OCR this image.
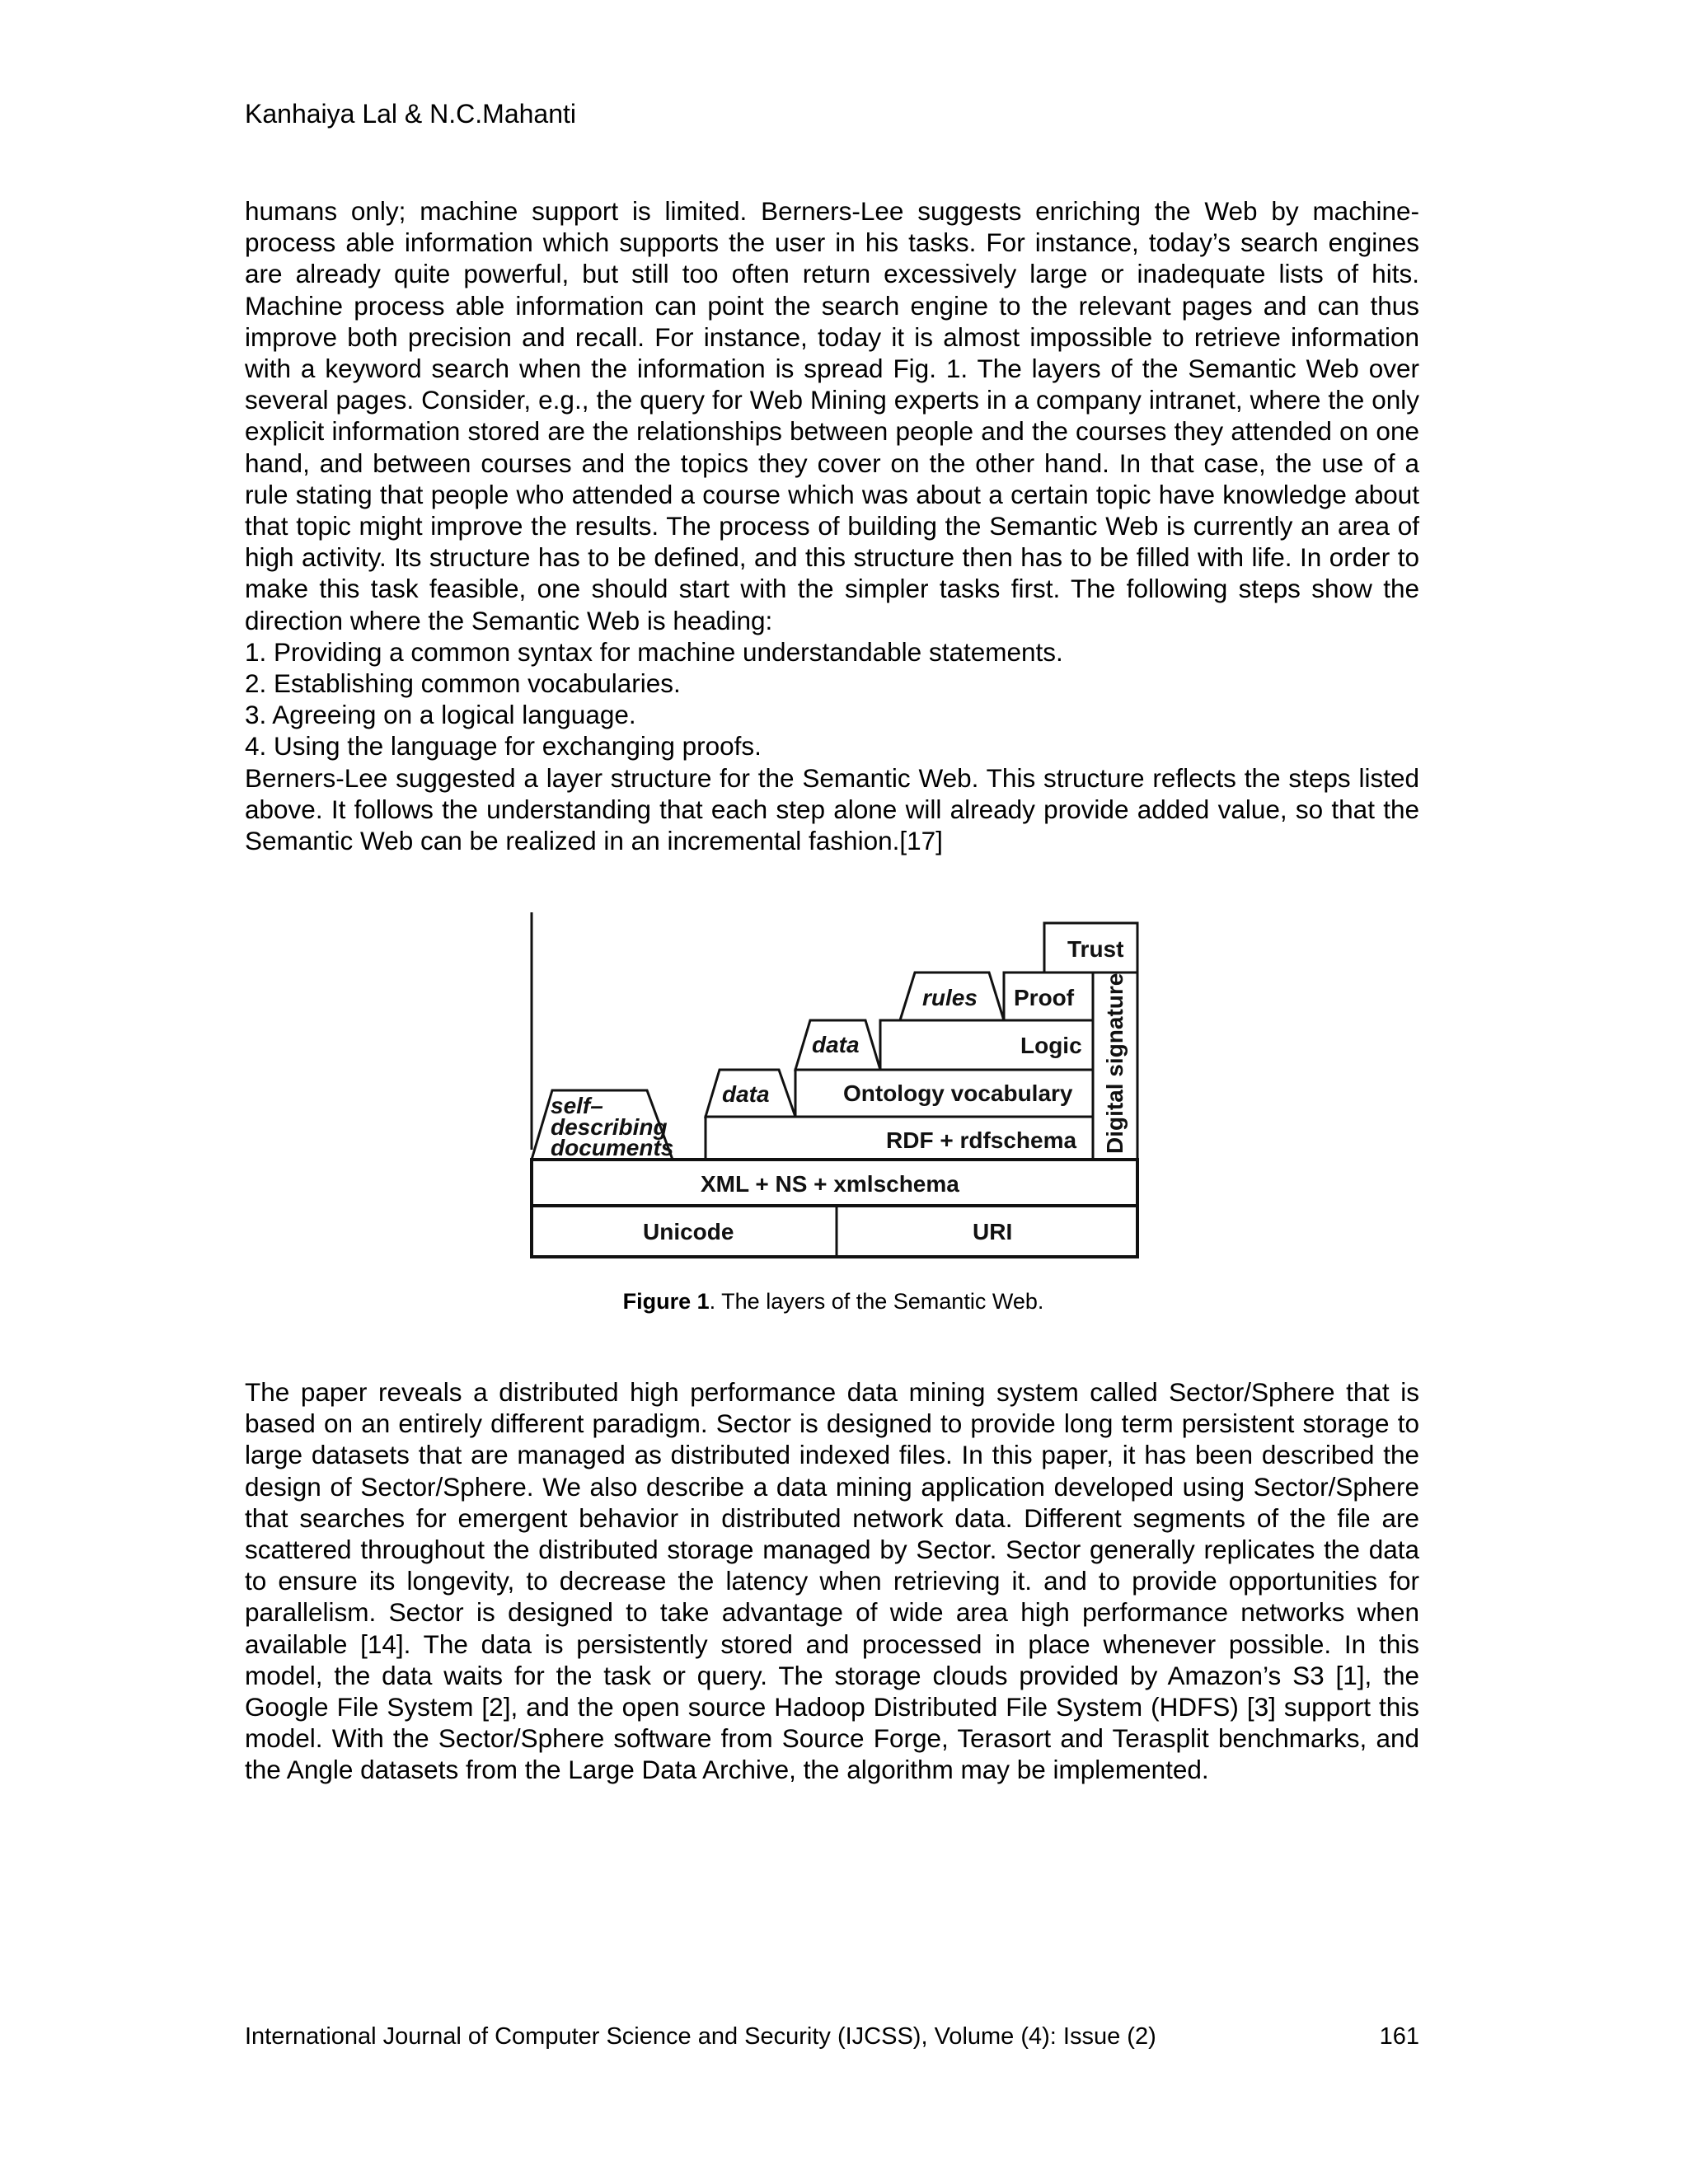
Kanhaiya Lal & N.C.Mahanti
humans only; machine support is limited. Berners-Lee suggests enriching the Web by machine-process able information which supports the user in his tasks. For instance, today’s search engines are already quite powerful, but still too often return excessively large or inadequate lists of hits. Machine process able information can point the search engine to the relevant pages and can thus improve both precision and recall. For instance, today it is almost impossible to retrieve information with a keyword search when the information is spread Fig. 1. The layers of the Semantic Web over several pages. Consider, e.g., the query for Web Mining experts in a company intranet, where the only explicit information stored are the relationships between people and the courses they attended on one hand, and between courses and the topics they cover on the other hand. In that case, the use of a rule stating that people who attended a course which was about a certain topic have knowledge about that topic might improve the results. The process of building the Semantic Web is currently an area of high activity. Its structure has to be defined, and this structure then has to be filled with life. In order to make this task feasible, one should start with the simpler tasks first. The following steps show the direction where the Semantic Web is heading:
1. Providing a common syntax for machine understandable statements.
2. Establishing common vocabularies.
3. Agreeing on a logical language.
4. Using the language for exchanging proofs.
Berners-Lee suggested a layer structure for the Semantic Web. This structure reflects the steps listed above. It follows the understanding that each step alone will already provide added value, so that the Semantic Web can be realized in an incremental fashion.[17]
Unicode	URI
XML + NS + xmlschema
self–
describing
documents	RDF + rdfschema
data	Ontology vocabulary
data	Logic
rules Proof Digital signature
Trust
Figure 1. The layers of the Semantic Web.

The paper reveals a distributed high performance data mining system called Sector/Sphere that is based on an entirely different paradigm. Sector is designed to provide long term persistent storage to large datasets that are managed as distributed indexed files. In this paper, it has been described the design of Sector/Sphere. We also describe a data mining application developed using Sector/Sphere that searches for emergent behavior in distributed network data. Different segments of the file are scattered throughout the distributed storage managed by Sector. Sector generally replicates the data to ensure its longevity, to decrease the latency when retrieving it. and to provide opportunities for parallelism. Sector is designed to take advantage of wide area high performance networks when available [14]. The data is persistently stored and processed in place whenever possible. In this model, the data waits for the task or query. The storage clouds provided by Amazon’s S3 [1], the Google File System [2], and the open source Hadoop Distributed File System (HDFS) [3] support this model. With the Sector/Sphere software from Source Forge, Terasort and Terasplit benchmarks, and the Angle datasets from the Large Data Archive, the algorithm may be implemented.

International Journal of Computer Science and Security (IJCSS), Volume (4): Issue (2)	161
